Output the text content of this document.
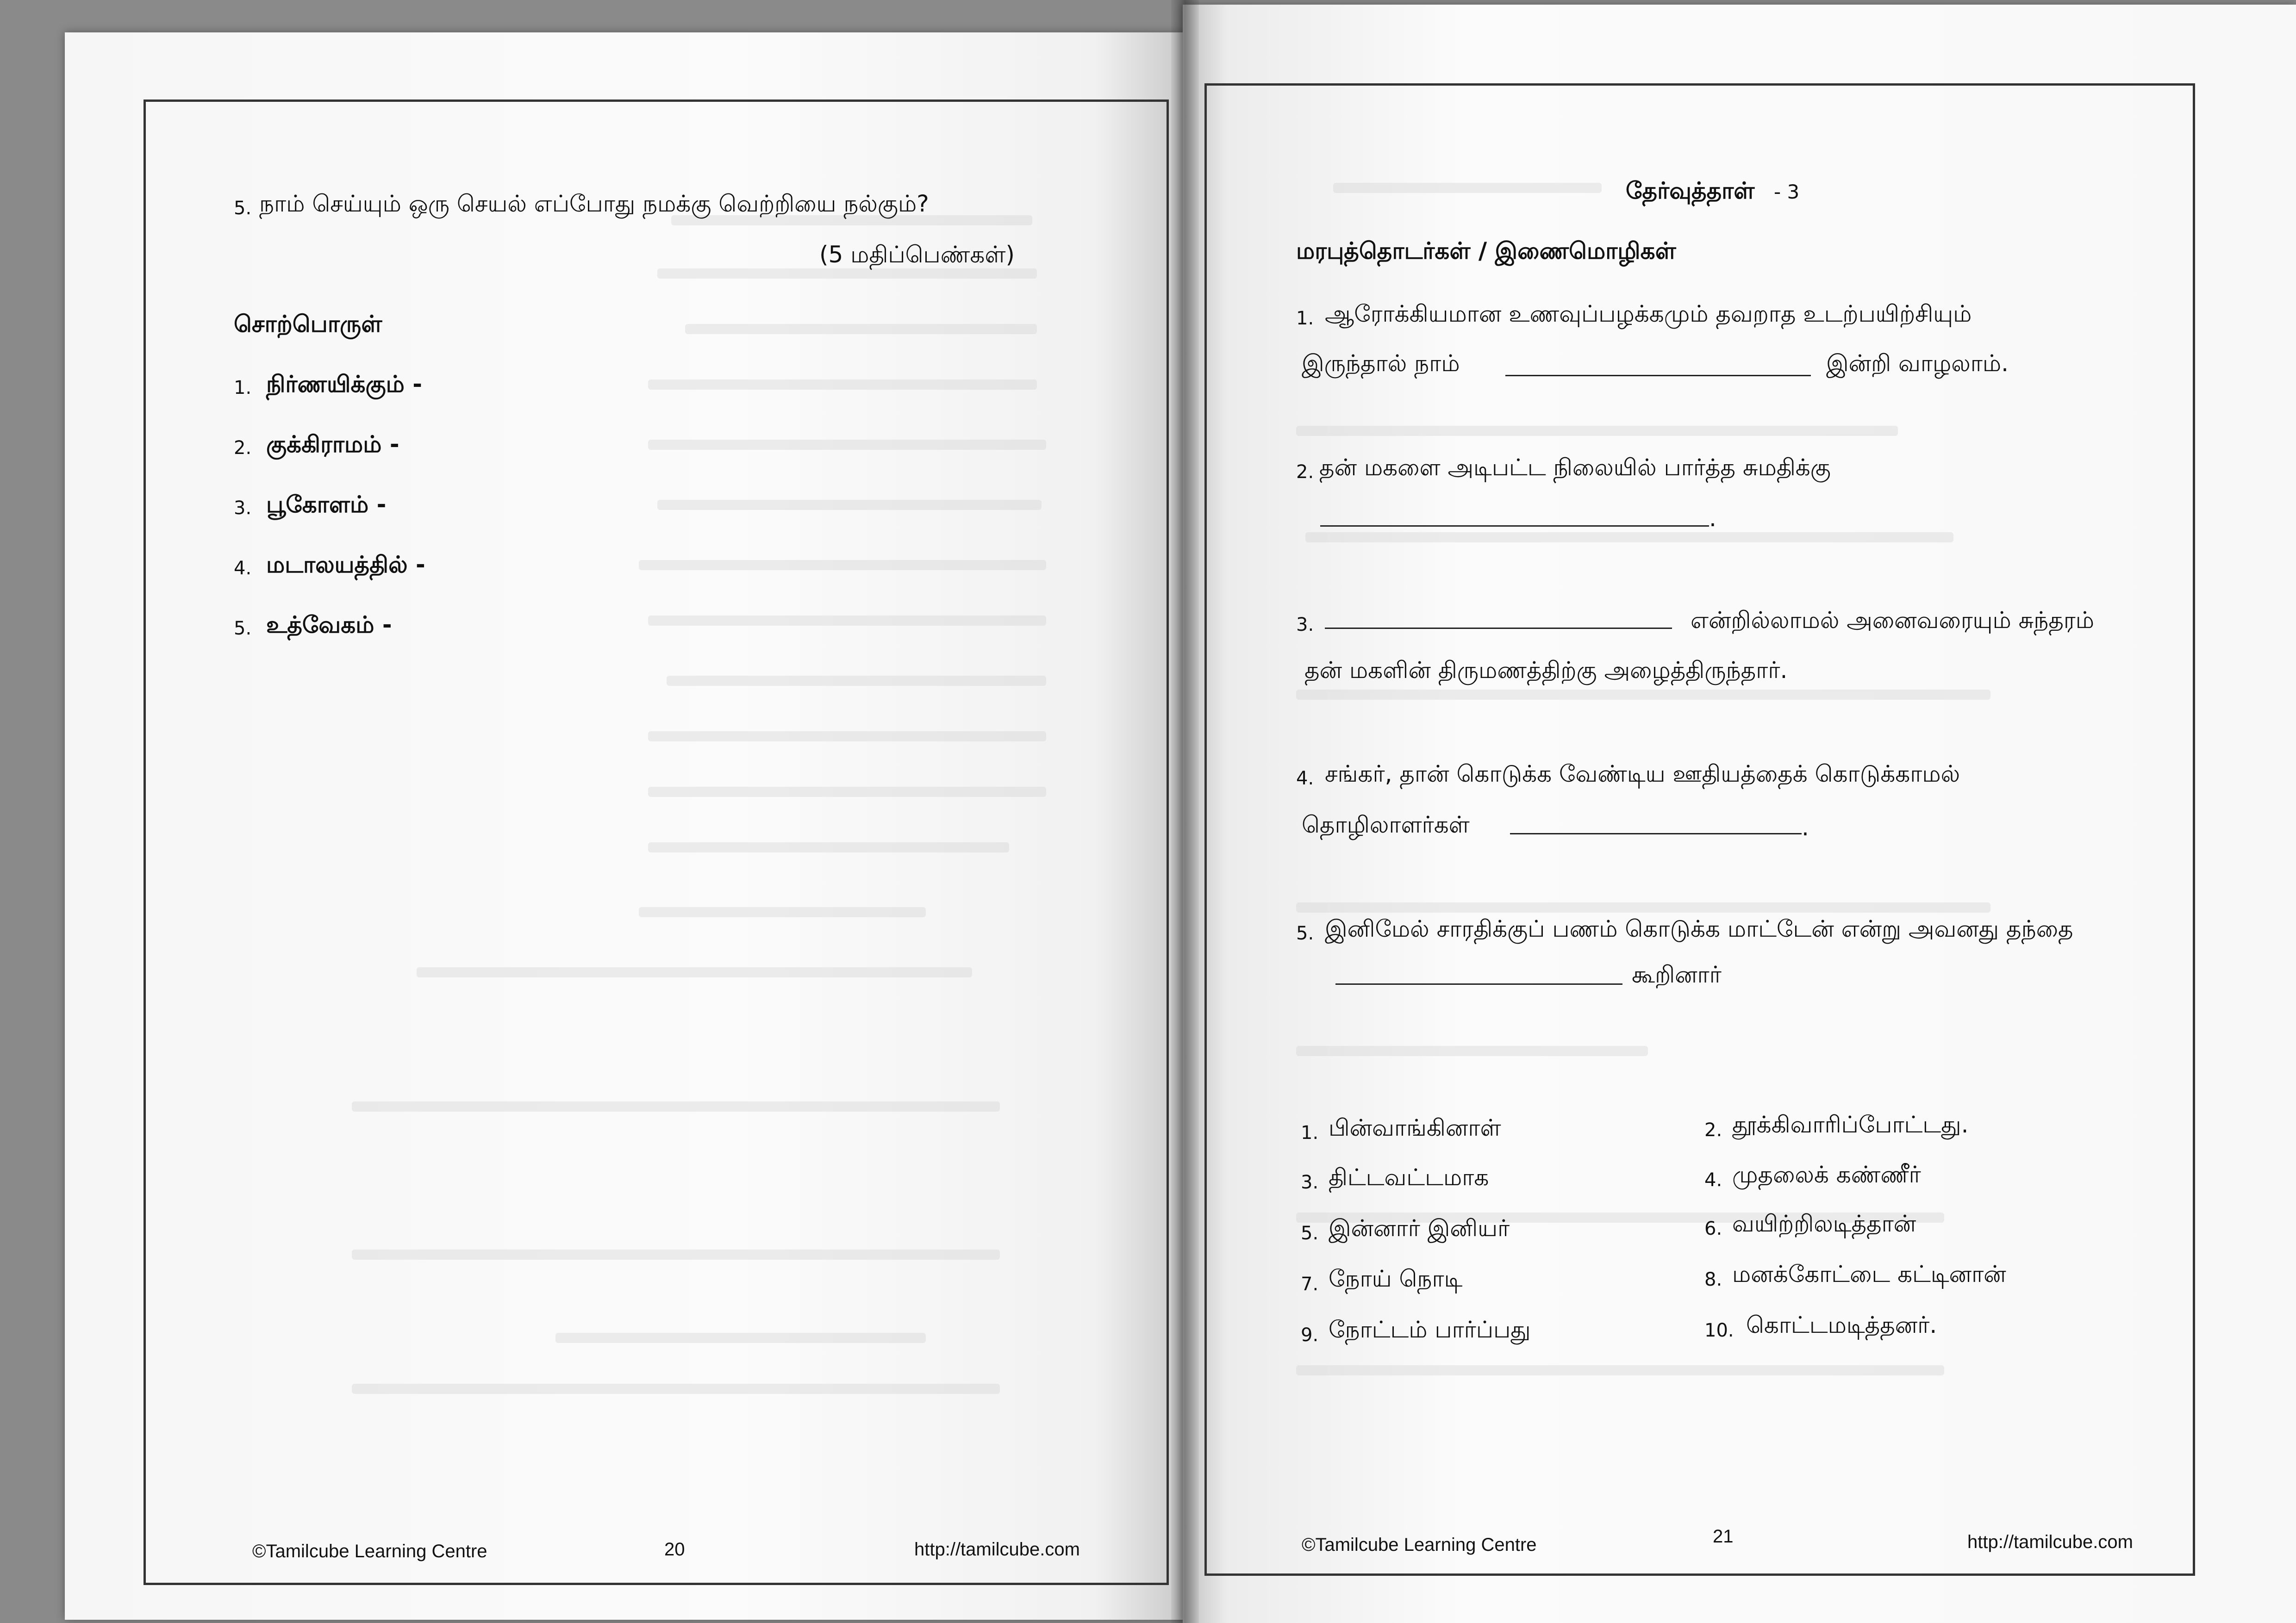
5. நாம் செய்யும் ஒரு செயல் எப்போது நமக்கு வெற்றியை நல்கும்?
(5 மதிப்பெண்கள்)
சொற்பொருள்
1. நிர்ணயிக்கும் -
2. குக்கிராமம் -
3. பூகோளம் -
4. மடாலயத்தில் -
5. உத்வேகம் -
©Tamilcube Learning Centre	20	http://tamilcube.com
தேர்வுத்தாள் - 3
மரபுத்தொடர்கள் / இணைமொழிகள்
1. ஆரோக்கியமான உணவுப்பழக்கமும் தவறாத உடற்பயிற்சியும்
இருந்தால் நாம்	இன்றி வாழலாம்.
2. தன் மகளை அடிபட்ட நிலையில் பார்த்த சுமதிக்கு
.
3.	என்றில்லாமல் அனைவரையும் சுந்தரம்
தன் மகளின் திருமணத்திற்கு அழைத்திருந்தார்.
4. சங்கர், தான் கொடுக்க வேண்டிய ஊதியத்தைக் கொடுக்காமல்
தொழிலாளர்கள்	.
5. இனிமேல் சாரதிக்குப் பணம் கொடுக்க மாட்டேன் என்று அவனது தந்தை
கூறினார்
1. பின்வாங்கினாள்	2. தூக்கிவாரிப்போட்டது.
3. திட்டவட்டமாக	4. முதலைக் கண்ணீர்
5. இன்னார் இனியர்	6. வயிற்றிலடித்தான்
7. நோய் நொடி	8. மனக்கோட்டை கட்டினான்
9. நோட்டம் பார்ப்பது	10. கொட்டமடித்தனர்.
©Tamilcube Learning Centre	21	http://tamilcube.com
